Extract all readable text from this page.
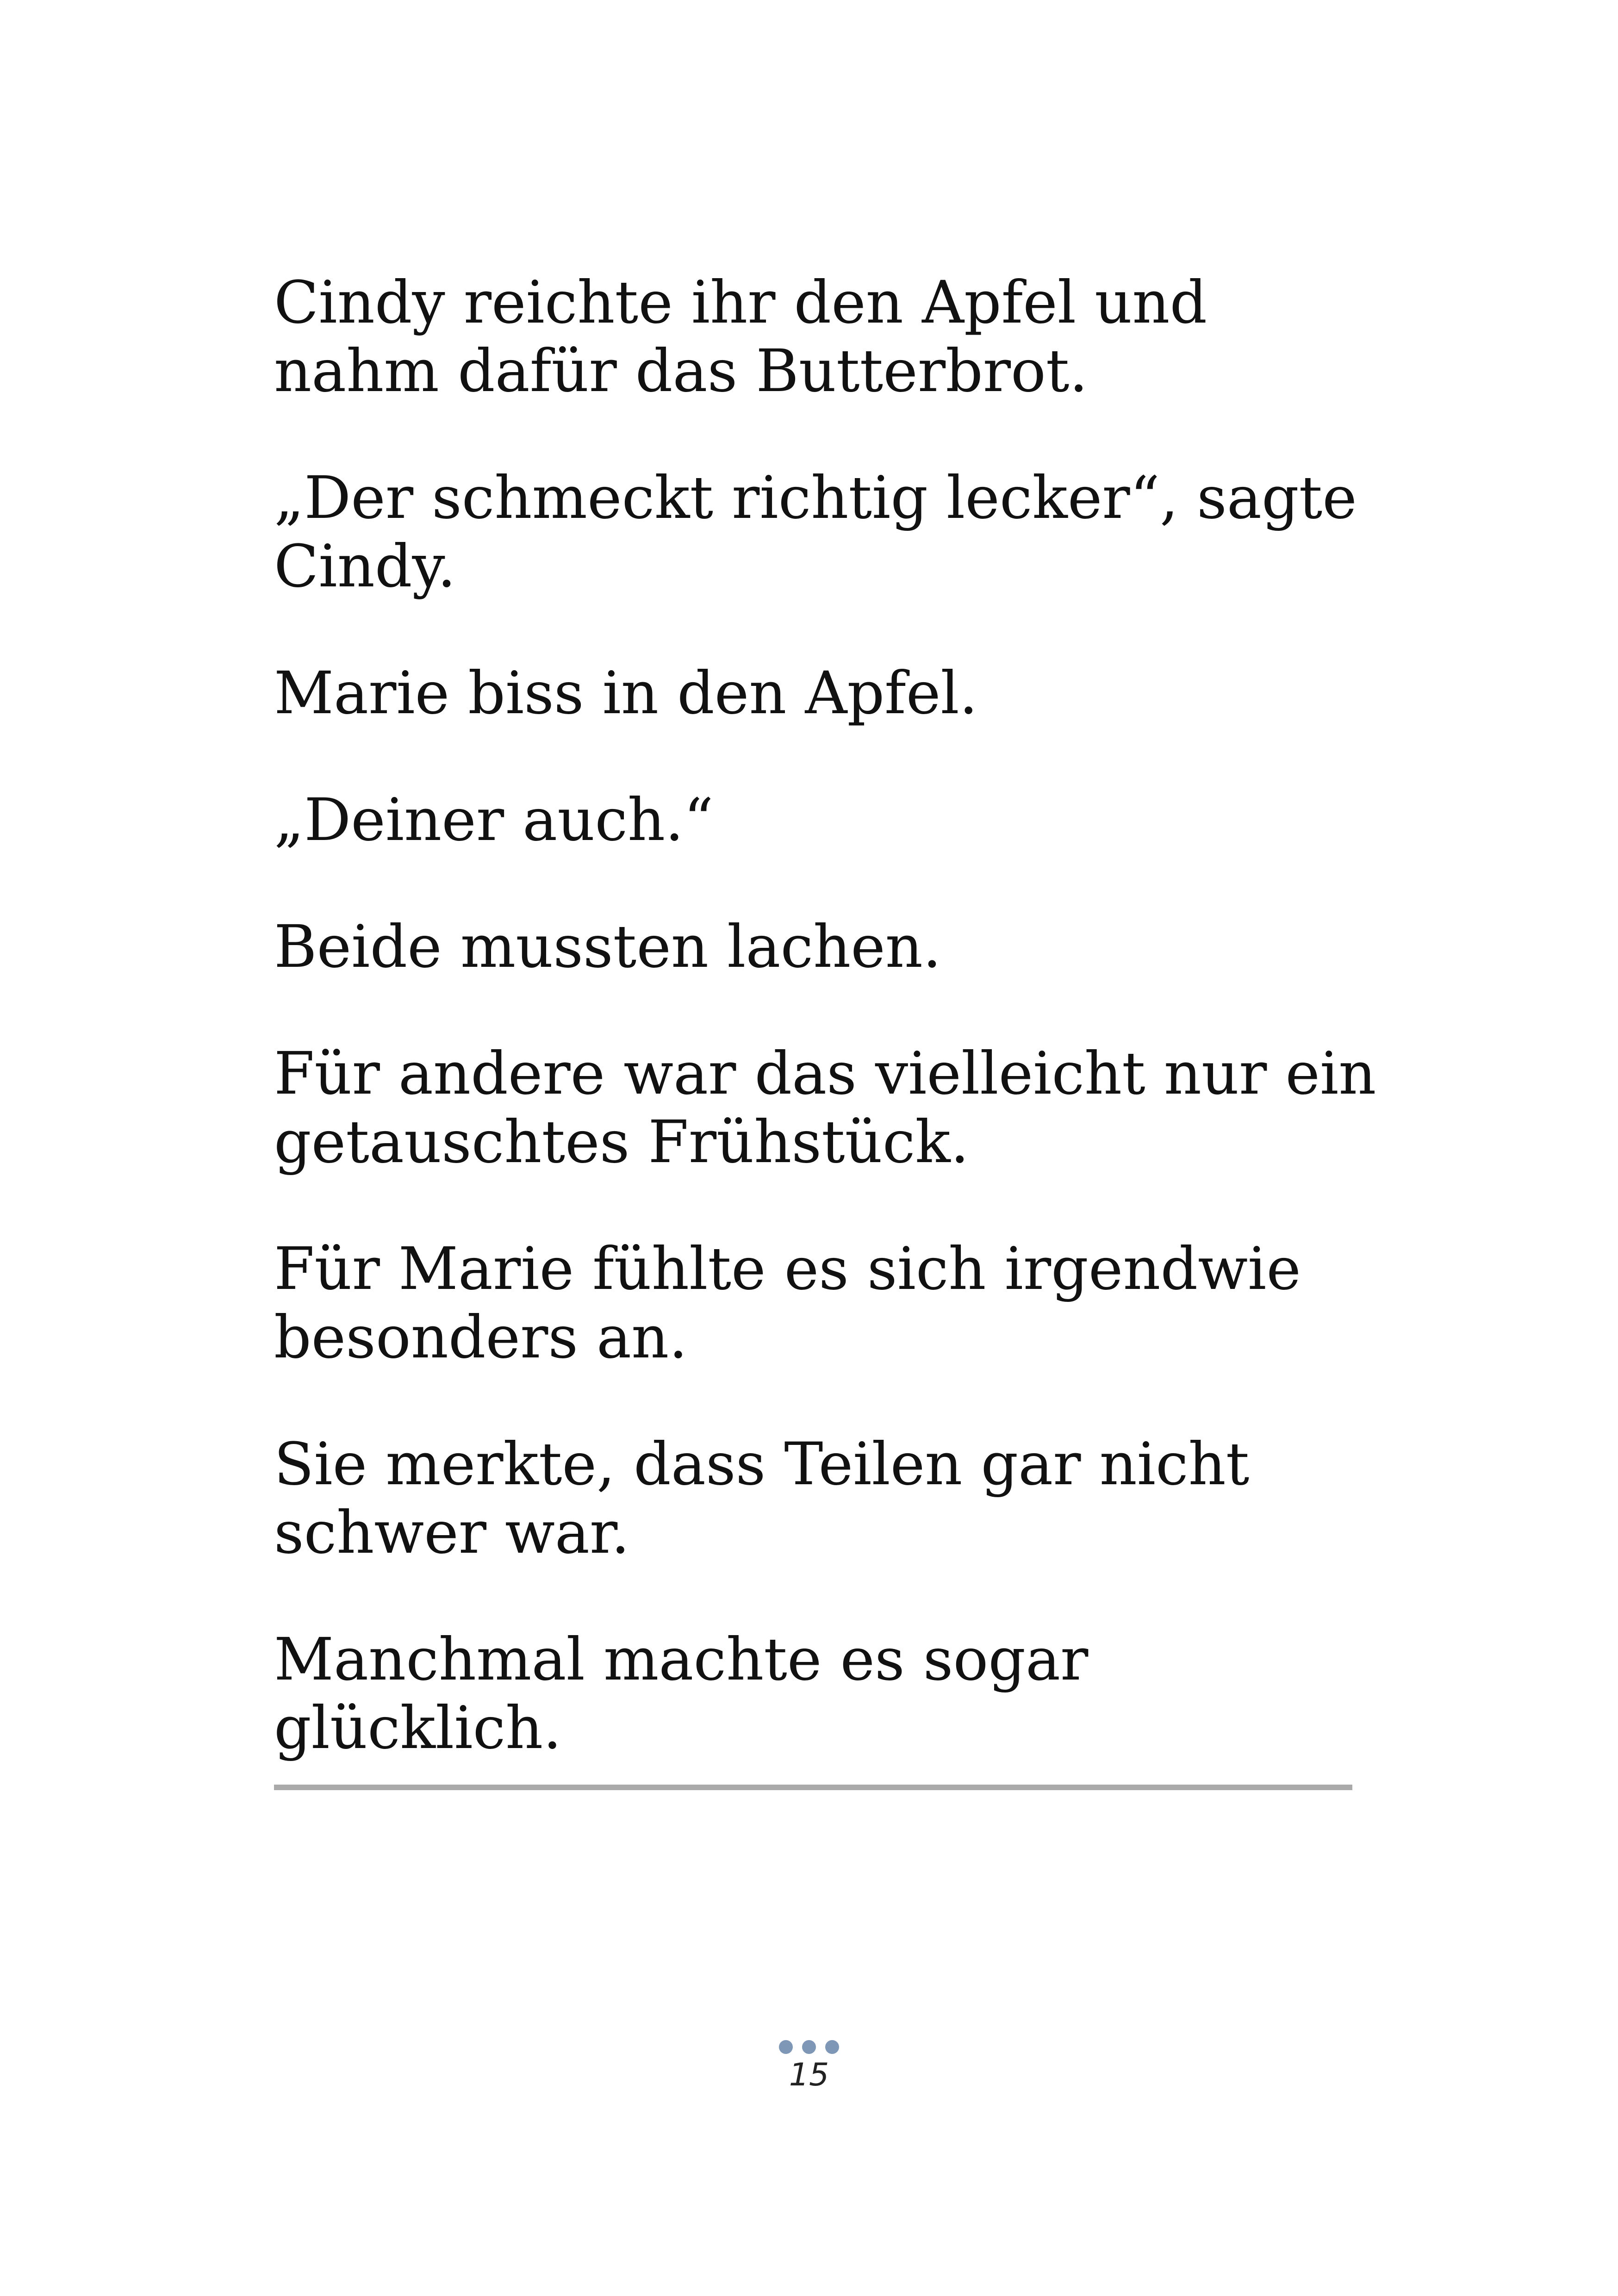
Cindy reichte ihr den Apfel und nahm dafür das Butterbrot.

„Der schmeckt richtig lecker“, sagte Cindy.

Marie biss in den Apfel.

„Deiner auch.“

Beide mussten lachen.

Für andere war das vielleicht nur ein getauschtes Frühstück.

Für Marie fühlte es sich irgendwie besonders an.

Sie merkte, dass Teilen gar nicht schwer war.

Manchmal machte es sogar glücklich.

15
